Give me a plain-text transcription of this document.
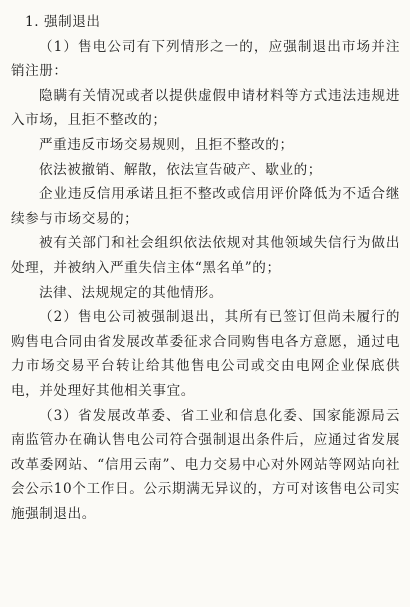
1. 强制退出

（1）售电公司有下列情形之一的，应强制退出市场并注销注册：

隐瞒有关情况或者以提供虚假申请材料等方式违法违规进入市场，且拒不整改的；

严重违反市场交易规则，且拒不整改的；

依法被撤销、解散，依法宣告破产、歇业的；

企业违反信用承诺且拒不整改或信用评价降低为不适合继续参与市场交易的；

被有关部门和社会组织依法依规对其他领域失信行为做出处理，并被纳入严重失信主体“黑名单”的；

法律、法规规定的其他情形。

（2）售电公司被强制退出，其所有已签订但尚未履行的购售电合同由省发展改革委征求合同购售电各方意愿，通过电力市场交易平台转让给其他售电公司或交由电网企业保底供电，并处理好其他相关事宜。

（3）省发展改革委、省工业和信息化委、国家能源局云南监管办在确认售电公司符合强制退出条件后，应通过省发展改革委网站、“信用云南”、电力交易中心对外网站等网站向社会公示10个工作日。公示期满无异议的，方可对该售电公司实施强制退出。
